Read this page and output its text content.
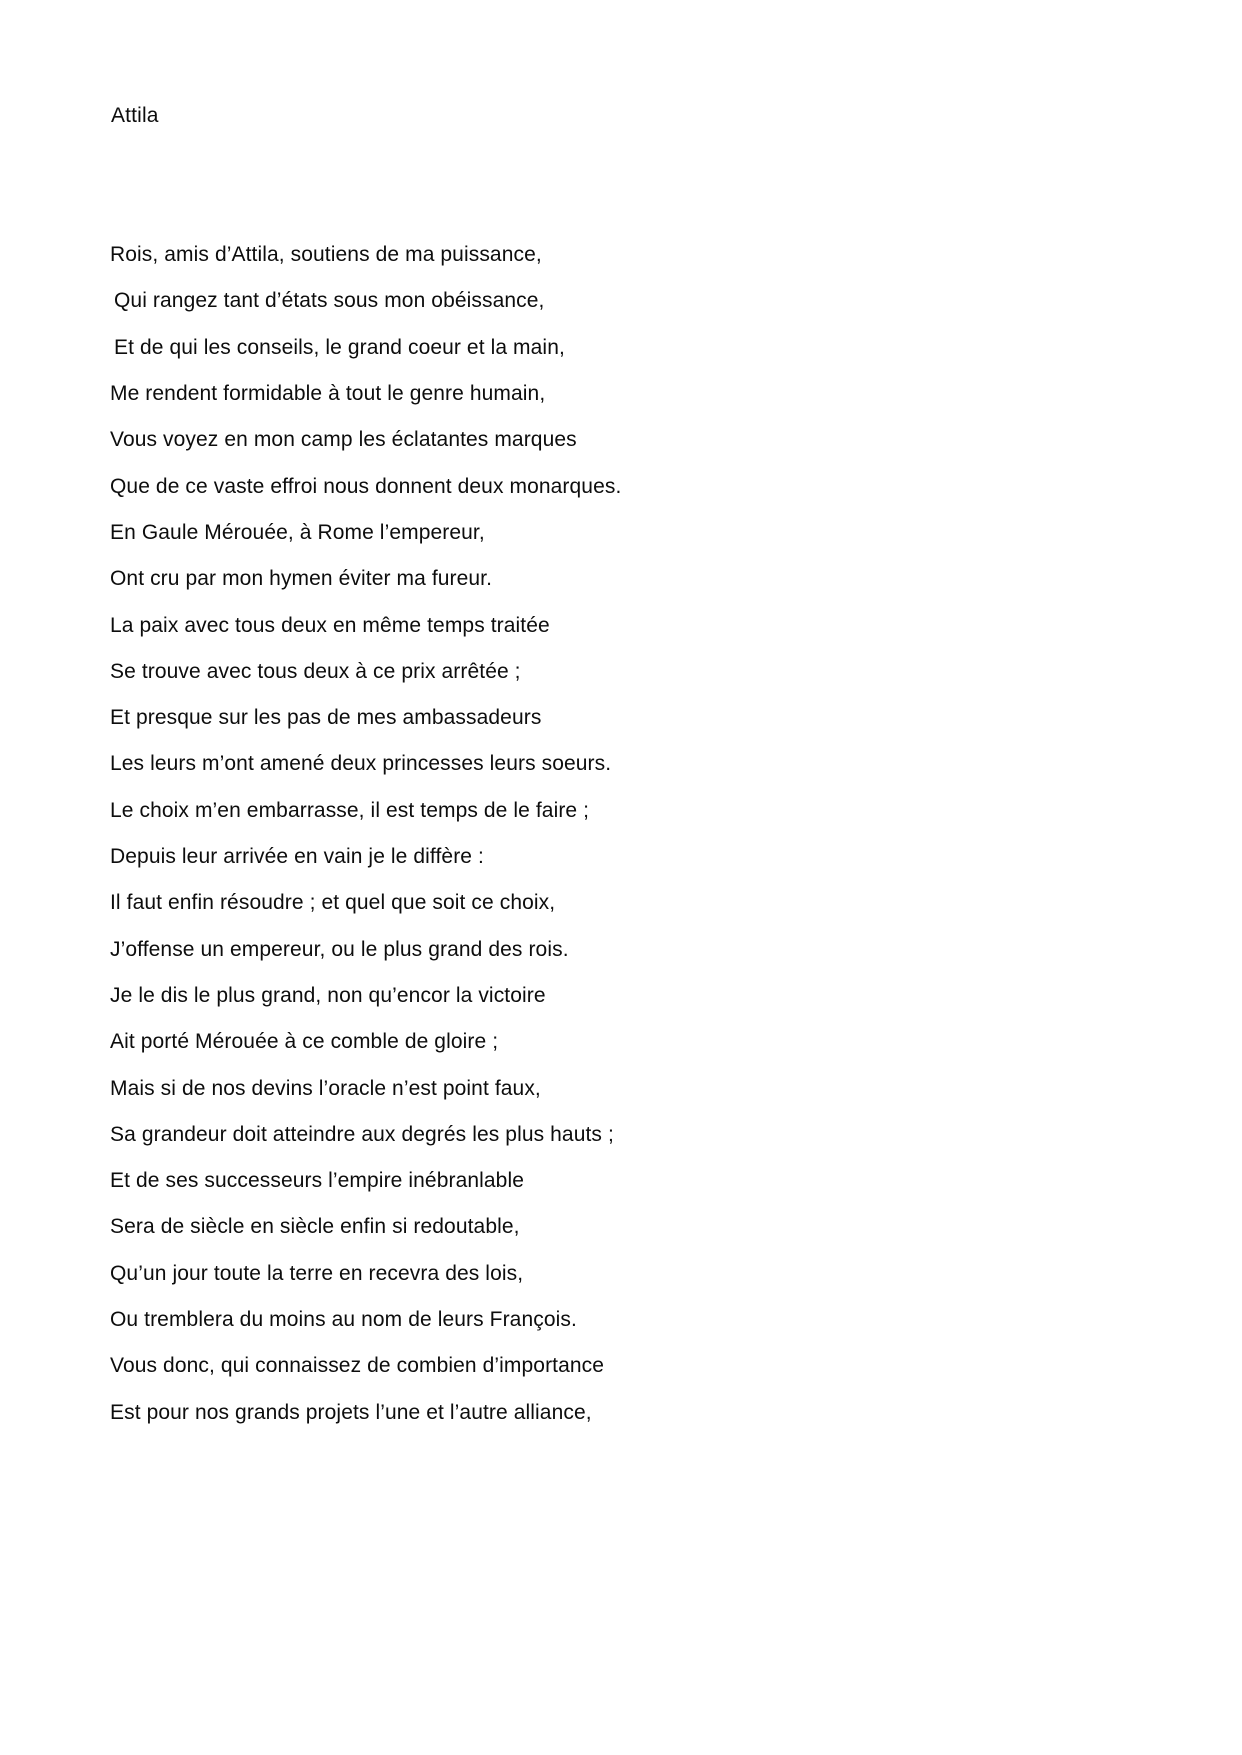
Attila
Rois, amis d’Attila, soutiens de ma puissance,
Qui rangez tant d’états sous mon obéissance,
Et de qui les conseils, le grand coeur et la main,
Me rendent formidable à tout le genre humain,
Vous voyez en mon camp les éclatantes marques
Que de ce vaste effroi nous donnent deux monarques.
En Gaule Mérouée, à Rome l’empereur,
Ont cru par mon hymen éviter ma fureur.
La paix avec tous deux en même temps traitée
Se trouve avec tous deux à ce prix arrêtée ;
Et presque sur les pas de mes ambassadeurs
Les leurs m’ont amené deux princesses leurs soeurs.
Le choix m’en embarrasse, il est temps de le faire ;
Depuis leur arrivée en vain je le diffère :
Il faut enfin résoudre ; et quel que soit ce choix,
J’offense un empereur, ou le plus grand des rois.
Je le dis le plus grand, non qu’encor la victoire
Ait porté Mérouée à ce comble de gloire ;
Mais si de nos devins l’oracle n’est point faux,
Sa grandeur doit atteindre aux degrés les plus hauts ;
Et de ses successeurs l’empire inébranlable
Sera de siècle en siècle enfin si redoutable,
Qu’un jour toute la terre en recevra des lois,
Ou tremblera du moins au nom de leurs François.
Vous donc, qui connaissez de combien d’importance
Est pour nos grands projets l’une et l’autre alliance,
